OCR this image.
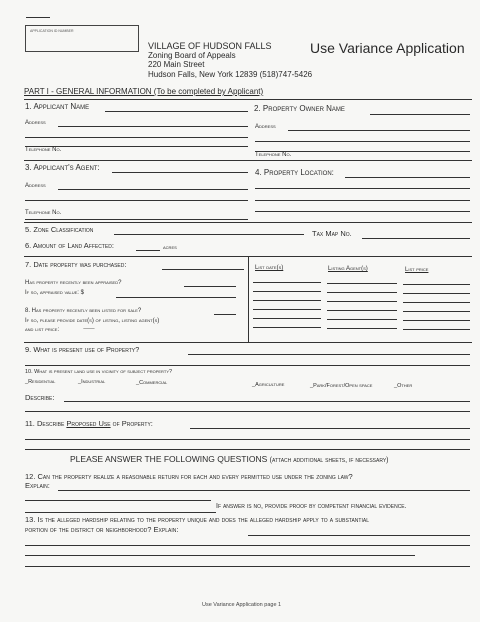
APPLICATION ID NUMBER
VILLAGE OF HUDSON FALLS
Zoning Board of Appeals
220 Main Street
Hudson Falls, New York 12839 (518)747-5426
Use Variance Application
PART I - GENERAL INFORMATION (To be completed by Applicant)
1. Applicant Name	2. Property Owner Name
Address
Address
Telephone No.
Telephone No.
3. Applicant's Agent:
4. Property Location:
Address
Telephone No.
5. Zone Classification	Tax Map No.
6. Amount of Land Affected:	acres
7. Date property was purchased:
Has property recently been appraised?
If so, appraised value: $
8. Has property recently been listed for sale?
If so, please provide date(s) of listing, listing agent(s)
and list price:	⸺
List date(s)	Listing Agent(s)	List price
9. What is present use of Property?
10. What is present land use in vicinity of subject property?
_Residential	_Industrial	_Commercial	_Agriculture	_Park/Forest/Open space	_Other
Describe:
11. Describe Proposed Use of Property:
PLEASE ANSWER THE FOLLOWING QUESTIONS (attach additional sheets, if necessary)
12. Can the property realize a reasonable return for each and every permitted use under the zoning law?
Explain:
If answer is no, provide proof by competent financial evidence.
13. Is the alleged hardship relating to the property unique and does the alleged hardship apply to a substantial
portion of the district or neighborhood? Explain:
Use Variance Application page 1
